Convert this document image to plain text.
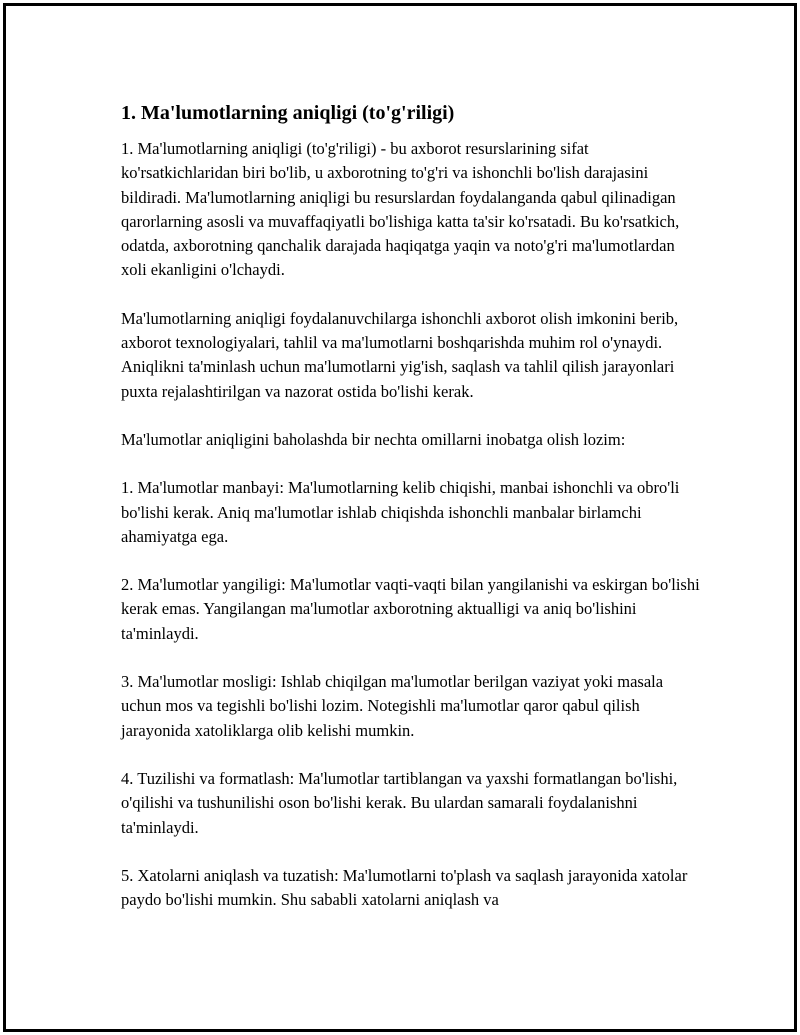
1. Ma'lumotlarning aniqligi (to'g'riligi)

1. Ma'lumotlarning aniqligi (to'g'riligi) - bu axborot resurslarining sifat ko'rsatkichlaridan biri bo'lib, u axborotning to'g'ri va ishonchli bo'lish darajasini bildiradi. Ma'lumotlarning aniqligi bu resurslardan foydalanganda qabul qilinadigan qarorlarning asosli va muvaffaqiyatli bo'lishiga katta ta'sir ko'rsatadi. Bu ko'rsatkich, odatda, axborotning qanchalik darajada haqiqatga yaqin va noto'g'ri ma'lumotlardan xoli ekanligini o'lchaydi.

Ma'lumotlarning aniqligi foydalanuvchilarga ishonchli axborot olish imkonini berib, axborot texnologiyalari, tahlil va ma'lumotlarni boshqarishda muhim rol o'ynaydi. Aniqlikni ta'minlash uchun ma'lumotlarni yig'ish, saqlash va tahlil qilish jarayonlari puxta rejalashtirilgan va nazorat ostida bo'lishi kerak.

Ma'lumotlar aniqligini baholashda bir nechta omillarni inobatga olish lozim:

1. Ma'lumotlar manbayi: Ma'lumotlarning kelib chiqishi, manbai ishonchli va obro'li bo'lishi kerak. Aniq ma'lumotlar ishlab chiqishda ishonchli manbalar birlamchi ahamiyatga ega.

2. Ma'lumotlar yangiligi: Ma'lumotlar vaqti-vaqti bilan yangilanishi va eskirgan bo'lishi kerak emas. Yangilangan ma'lumotlar axborotning aktualligi va aniq bo'lishini ta'minlaydi.

3. Ma'lumotlar mosligi: Ishlab chiqilgan ma'lumotlar berilgan vaziyat yoki masala uchun mos va tegishli bo'lishi lozim. Notegishli ma'lumotlar qaror qabul qilish jarayonida xatoliklarga olib kelishi mumkin.

4. Tuzilishi va formatlash: Ma'lumotlar tartiblangan va yaxshi formatlangan bo'lishi, o'qilishi va tushunilishi oson bo'lishi kerak. Bu ulardan samarali foydalanishni ta'minlaydi.

5. Xatolarni aniqlash va tuzatish: Ma'lumotlarni to'plash va saqlash jarayonida xatolar paydo bo'lishi mumkin. Shu sababli xatolarni aniqlash va
